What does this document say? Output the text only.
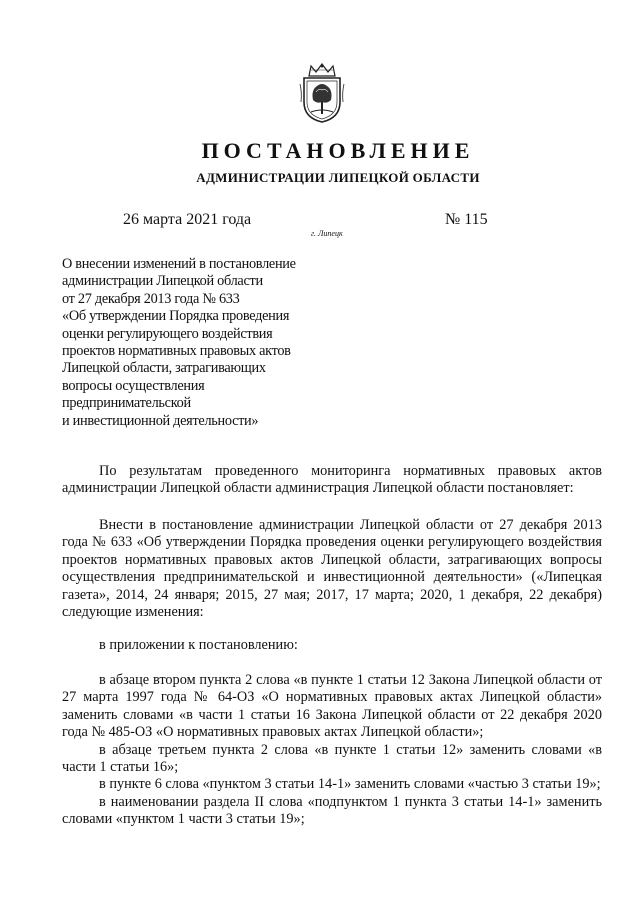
ПОСТАНОВЛЕНИЕ
АДМИНИСТРАЦИИ ЛИПЕЦКОЙ ОБЛАСТИ
26 марта 2021 года
г. Липецк
№ 115
О внесении изменений в постановление
администрации Липецкой области
от 27 декабря 2013 года № 633
«Об утверждении Порядка проведения
оценки регулирующего воздействия
проектов нормативных правовых актов
Липецкой области, затрагивающих
вопросы осуществления
предпринимательской
и инвестиционной деятельности»

По результатам проведенного мониторинга нормативных правовых актов администрации Липецкой области администрация Липецкой области постановляет:

Внести в постановление администрации Липецкой области от 27 декабря 2013 года № 633 «Об утверждении Порядка проведения оценки регулирующего воздействия проектов нормативных правовых актов Липецкой области, затрагивающих вопросы осуществления предпринимательской и инвестиционной деятельности» («Липецкая газета», 2014, 24 января; 2015, 27 мая; 2017, 17 марта; 2020, 1 декабря, 22 декабря) следующие изменения:

в приложении к постановлению:

в абзаце втором пункта 2 слова «в пункте 1 статьи 12 Закона Липецкой области от 27 марта 1997 года № 64-ОЗ «О нормативных правовых актах Липецкой области» заменить словами «в части 1 статьи 16 Закона Липецкой области от 22 декабря 2020 года № 485-ОЗ «О нормативных правовых актах Липецкой области»;

в абзаце третьем пункта 2 слова «в пункте 1 статьи 12» заменить словами «в части 1 статьи 16»;

в пункте 6 слова «пунктом 3 статьи 14-1» заменить словами «частью 3 статьи 19»;

в наименовании раздела II слова «подпунктом 1 пункта 3 статьи 14-1» заменить словами «пунктом 1 части 3 статьи 19»;
